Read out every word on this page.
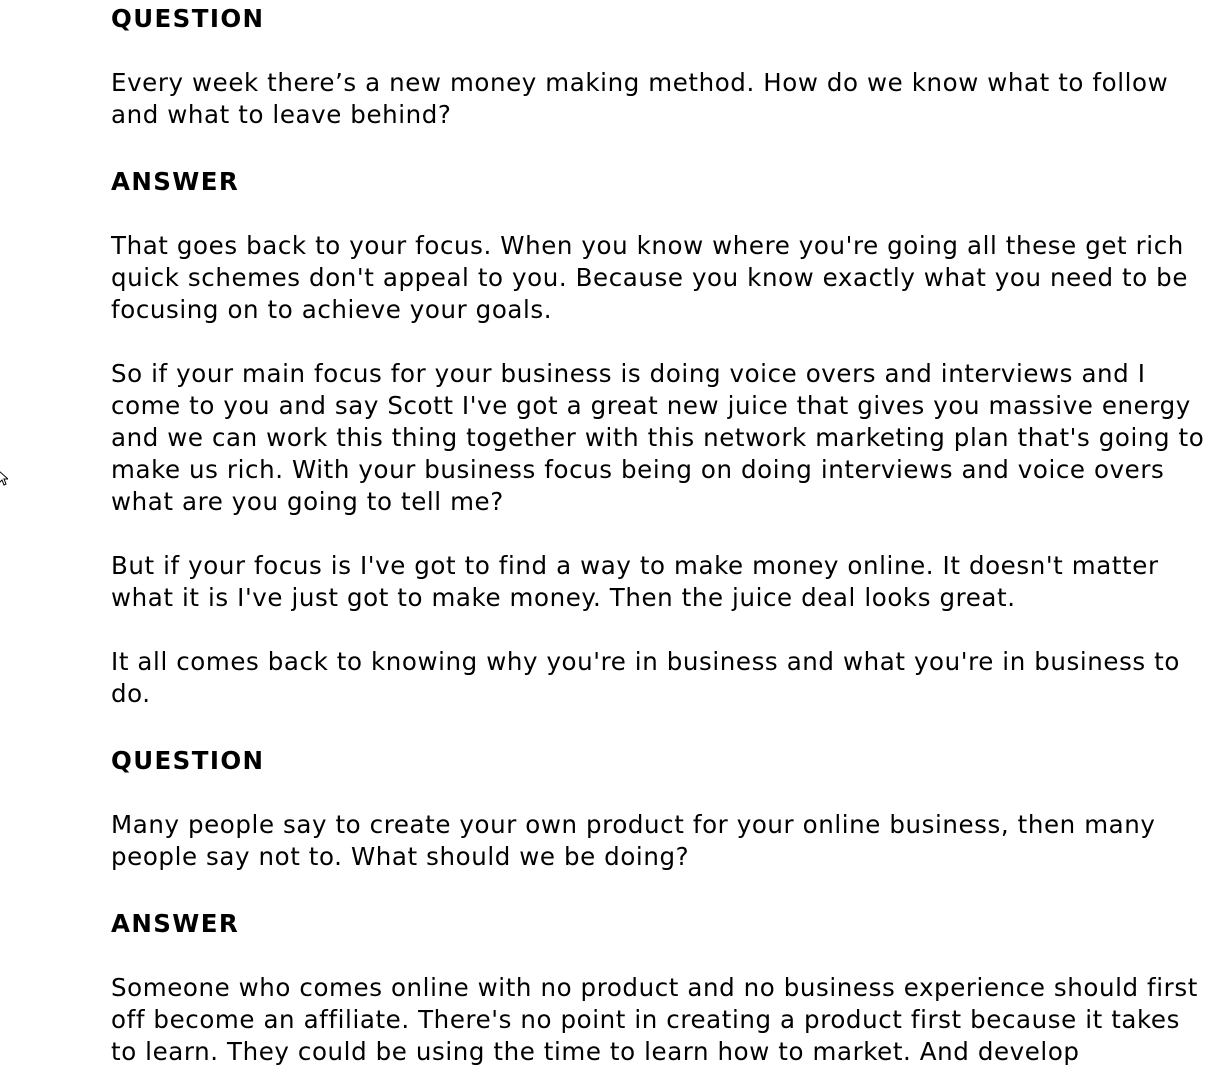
QUESTION

Every week there’s a new money making method. How do we know what to follow and what to leave behind?

ANSWER

That goes back to your focus. When you know where you're going all these get rich quick schemes don't appeal to you. Because you know exactly what you need to be focusing on to achieve your goals.

So if your main focus for your business is doing voice overs and interviews and I come to you and say Scott I've got a great new juice that gives you massive energy and we can work this thing together with this network marketing plan that's going to make us rich. With your business focus being on doing interviews and voice overs what are you going to tell me?

But if your focus is I've got to find a way to make money online. It doesn't matter what it is I've just got to make money. Then the juice deal looks great.

It all comes back to knowing why you're in business and what you're in business to do.

QUESTION

Many people say to create your own product for your online business, then many people say not to. What should we be doing?

ANSWER

Someone who comes online with no product and no business experience should first off become an affiliate. There's no point in creating a product first because it takes to learn. They could be using the time to learn how to market. And develop
